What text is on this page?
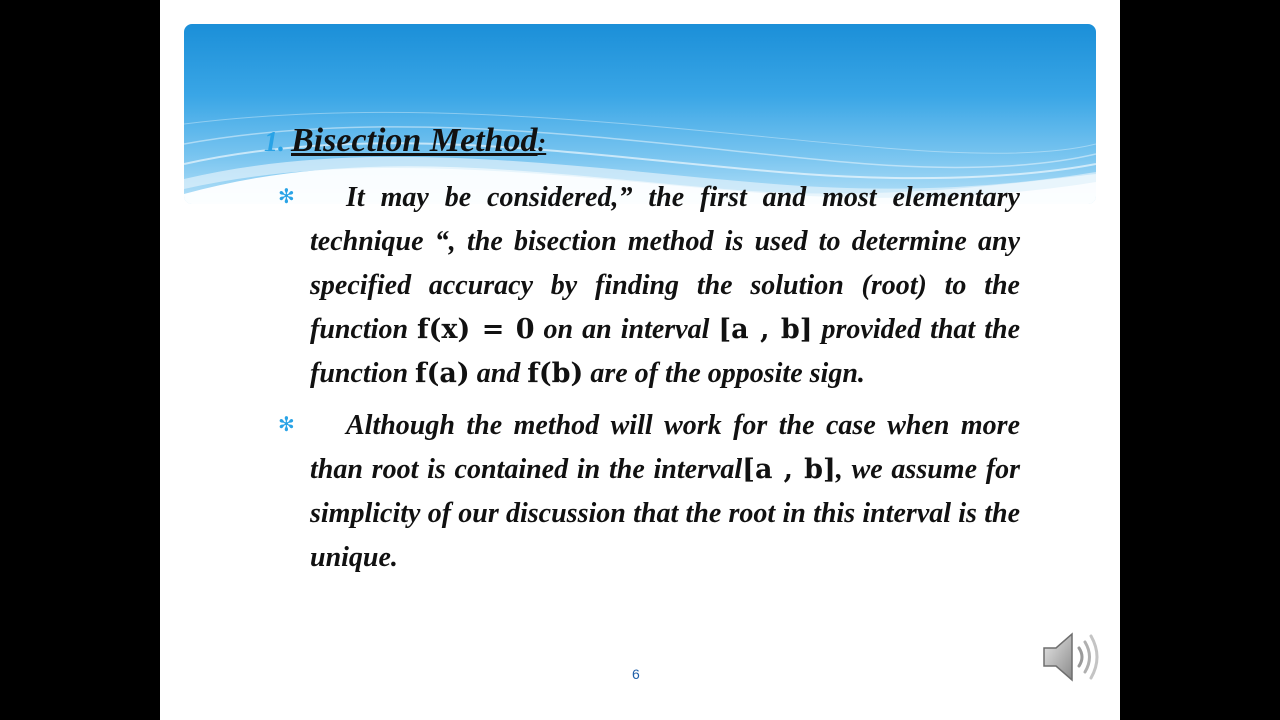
1. Bisection Method :
✻	It may be considered,” the first and most elementary technique “, the bisection method is used to determine any specified accuracy by finding the solution (root) to the function f(x) = 0 on an interval [a , b] provided that the function f(a) and f(b) are of the opposite sign.
✻	Although the method will work for the case when more than root is contained in the interval[a , b], we assume for simplicity of our discussion that the root in this interval is the unique.
6
